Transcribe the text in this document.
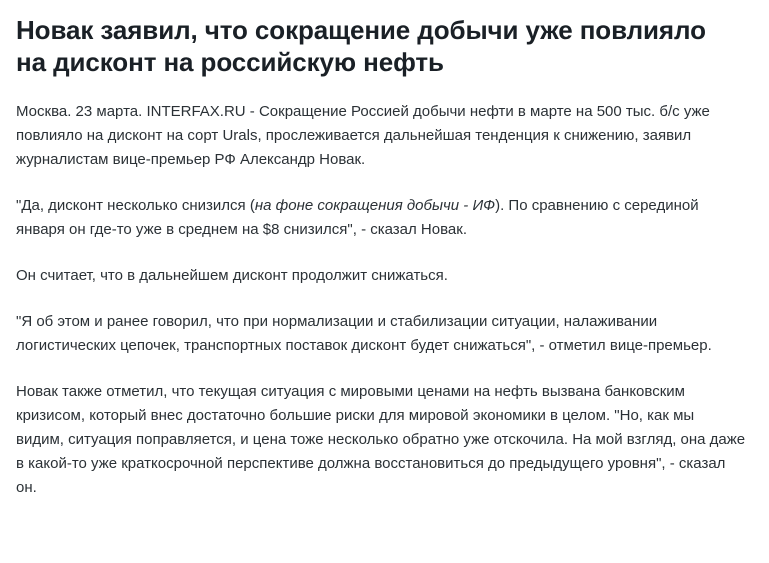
Новак заявил, что сокращение добычи уже повлияло на дисконт на российскую нефть

Москва. 23 марта. INTERFAX.RU - Сокращение Россией добычи нефти в марте на 500 тыс. б/с уже повлияло на дисконт на сорт Urals, прослеживается дальнейшая тенденция к снижению, заявил журналистам вице-премьер РФ Александр Новак.

"Да, дисконт несколько снизился (на фоне сокращения добычи - ИФ). По сравнению с серединой января он где-то уже в среднем на $8 снизился", - сказал Новак.

Он считает, что в дальнейшем дисконт продолжит снижаться.

"Я об этом и ранее говорил, что при нормализации и стабилизации ситуации, налаживании логистических цепочек, транспортных поставок дисконт будет снижаться", - отметил вице-премьер.

Новак также отметил, что текущая ситуация с мировыми ценами на нефть вызвана банковским кризисом, который внес достаточно большие риски для мировой экономики в целом. "Но, как мы видим, ситуация поправляется, и цена тоже несколько обратно уже отскочила. На мой взгляд, она даже в какой-то уже краткосрочной перспективе должна восстановиться до предыдущего уровня", - сказал он.
